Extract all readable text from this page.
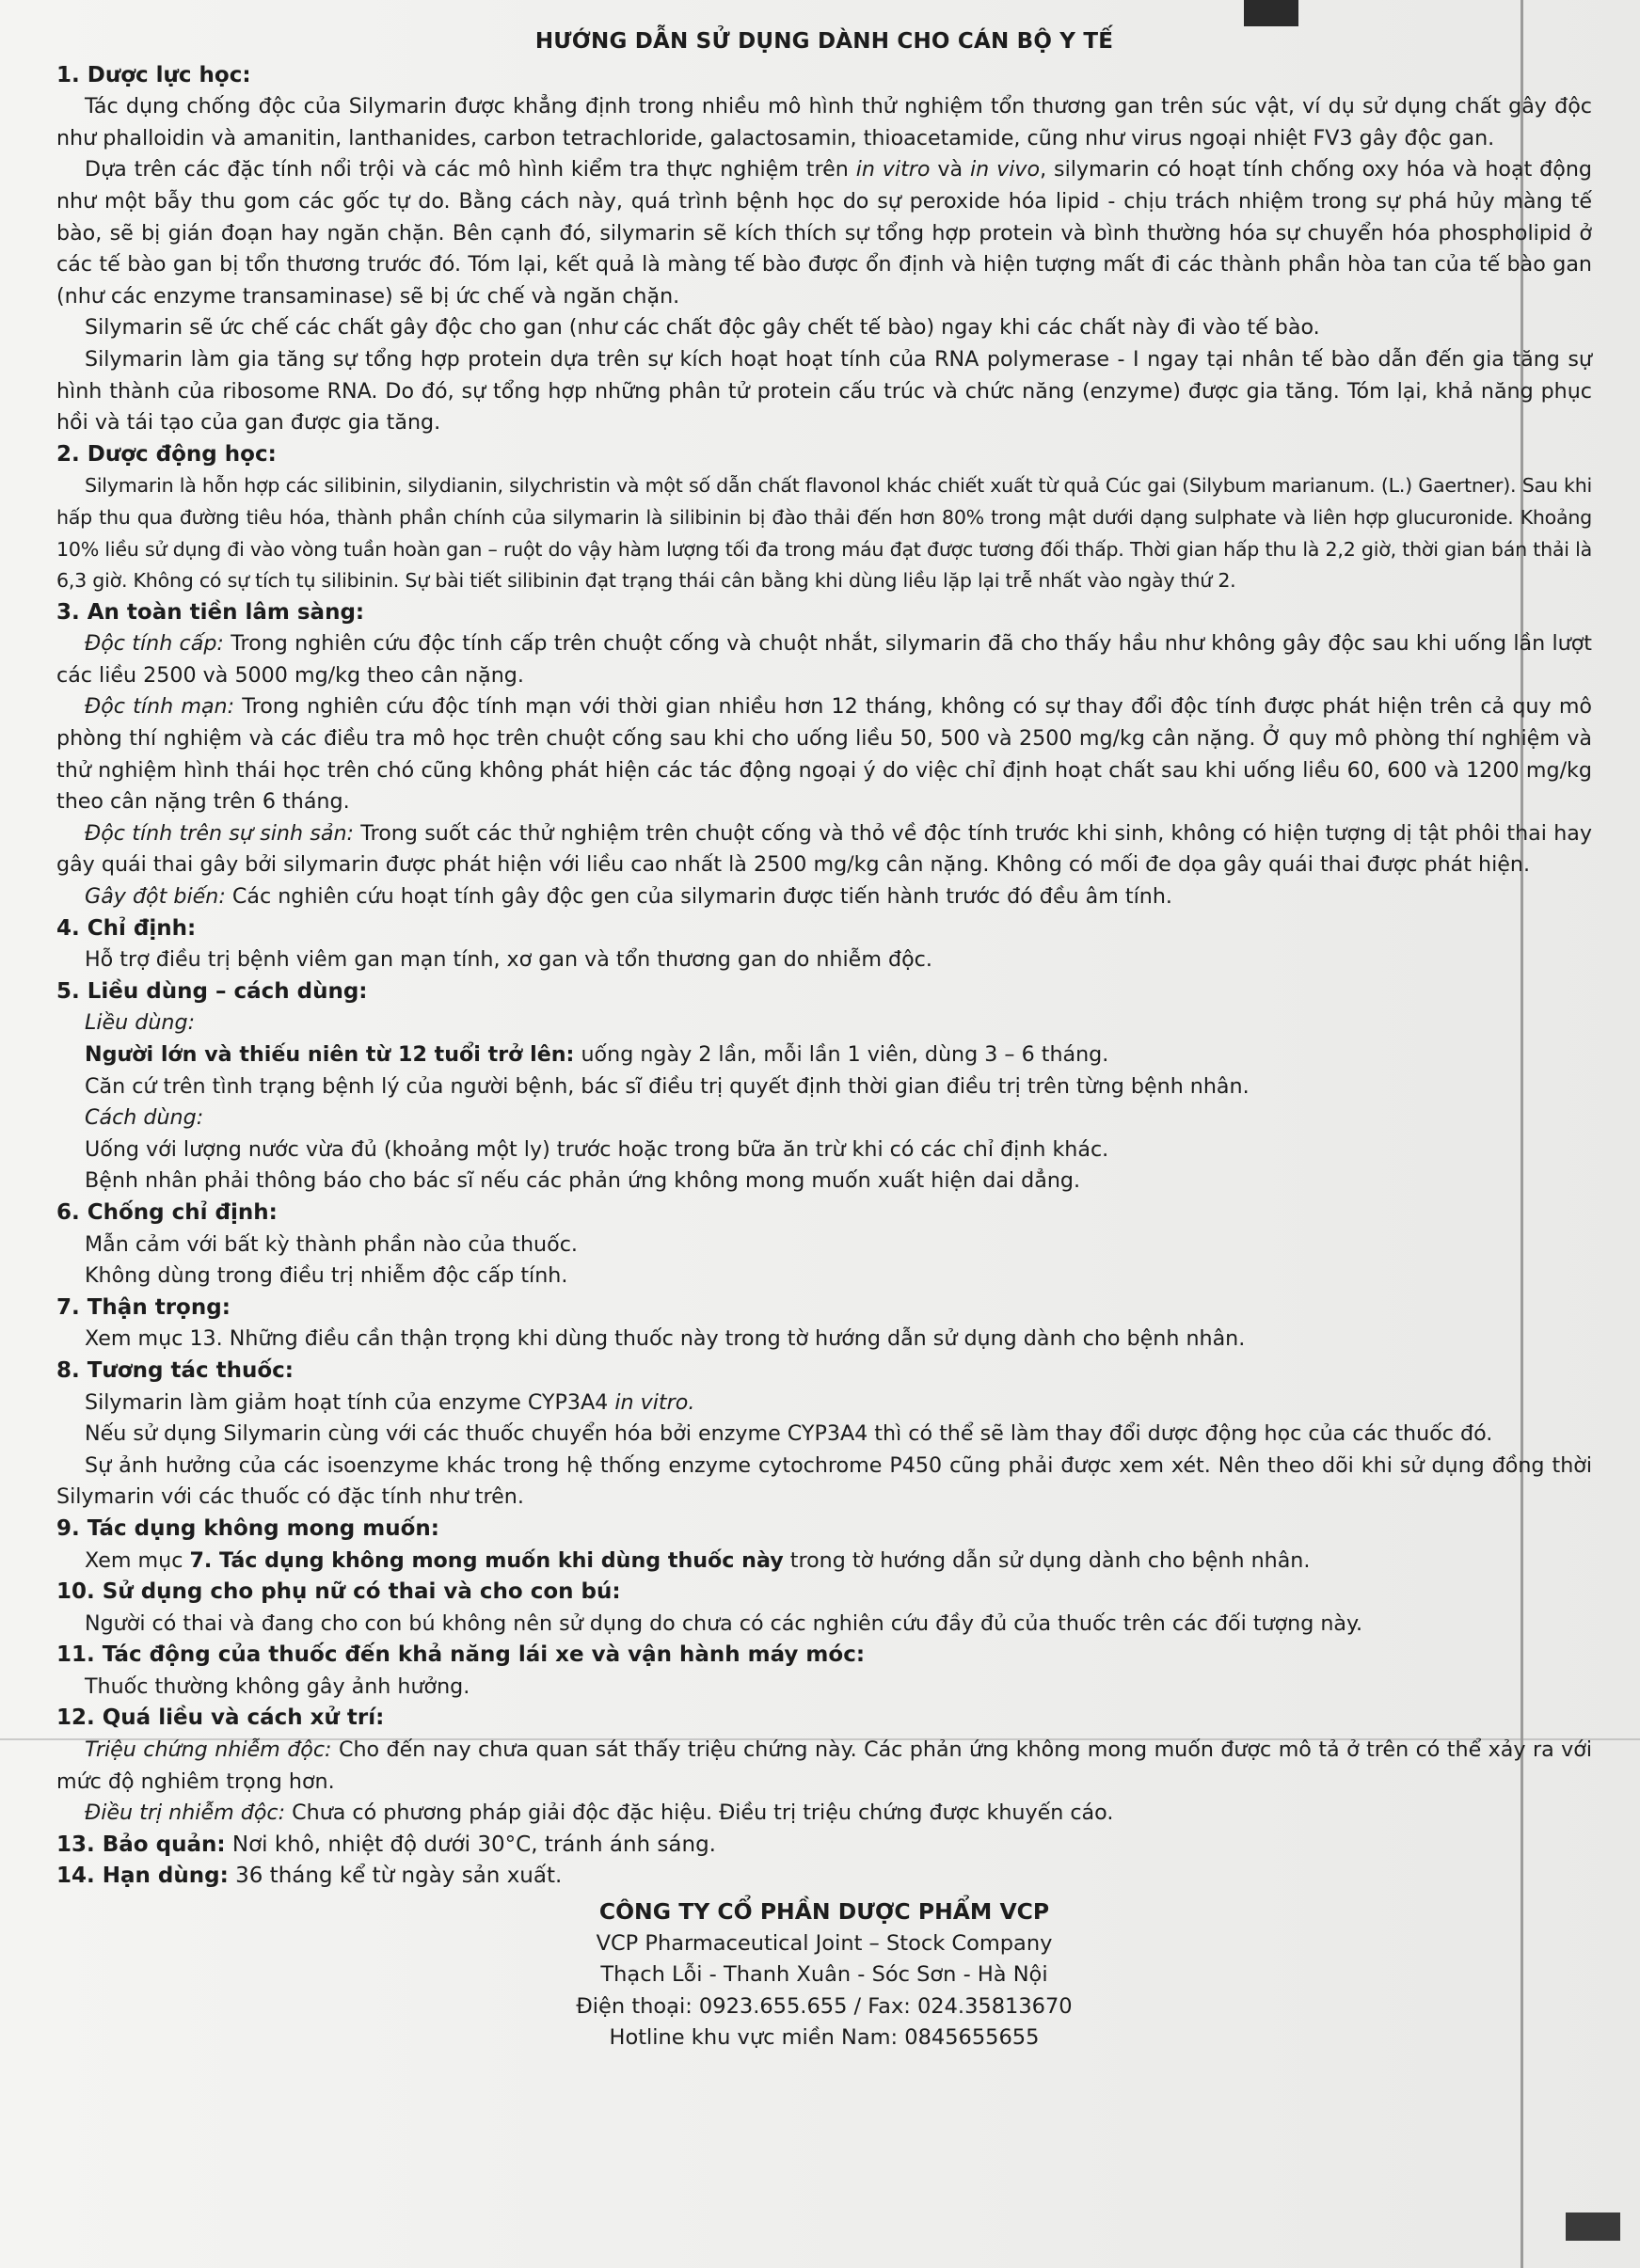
HƯỚNG DẪN SỬ DỤNG DÀNH CHO CÁN BỘ Y TẾ
1. Dược lực học:

Tác dụng chống độc của Silymarin được khẳng định trong nhiều mô hình thử nghiệm tổn thương gan trên súc vật, ví dụ sử dụng chất gây độc như phalloidin và amanitin, lanthanides, carbon tetrachloride, galactosamin, thioacetamide, cũng như virus ngoại nhiệt FV3 gây độc gan.

Dựa trên các đặc tính nổi trội và các mô hình kiểm tra thực nghiệm trên in vitro và in vivo, silymarin có hoạt tính chống oxy hóa và hoạt động như một bẫy thu gom các gốc tự do. Bằng cách này, quá trình bệnh học do sự peroxide hóa lipid - chịu trách nhiệm trong sự phá hủy màng tế bào, sẽ bị gián đoạn hay ngăn chặn. Bên cạnh đó, silymarin sẽ kích thích sự tổng hợp protein và bình thường hóa sự chuyển hóa phospholipid ở các tế bào gan bị tổn thương trước đó. Tóm lại, kết quả là màng tế bào được ổn định và hiện tượng mất đi các thành phần hòa tan của tế bào gan (như các enzyme transaminase) sẽ bị ức chế và ngăn chặn.

Silymarin sẽ ức chế các chất gây độc cho gan (như các chất độc gây chết tế bào) ngay khi các chất này đi vào tế bào.

Silymarin làm gia tăng sự tổng hợp protein dựa trên sự kích hoạt hoạt tính của RNA polymerase - I ngay tại nhân tế bào dẫn đến gia tăng sự hình thành của ribosome RNA. Do đó, sự tổng hợp những phân tử protein cấu trúc và chức năng (enzyme) được gia tăng. Tóm lại, khả năng phục hồi và tái tạo của gan được gia tăng.

2. Dược động học:

Silymarin là hỗn hợp các silibinin, silydianin, silychristin và một số dẫn chất flavonol khác chiết xuất từ quả Cúc gai (Silybum marianum. (L.) Gaertner). Sau khi hấp thu qua đường tiêu hóa, thành phần chính của silymarin là silibinin bị đào thải đến hơn 80% trong mật dưới dạng sulphate và liên hợp glucuronide. Khoảng 10% liều sử dụng đi vào vòng tuần hoàn gan – ruột do vậy hàm lượng tối đa trong máu đạt được tương đối thấp. Thời gian hấp thu là 2,2 giờ, thời gian bán thải là 6,3 giờ. Không có sự tích tụ silibinin. Sự bài tiết silibinin đạt trạng thái cân bằng khi dùng liều lặp lại trễ nhất vào ngày thứ 2.

3. An toàn tiền lâm sàng:

Độc tính cấp: Trong nghiên cứu độc tính cấp trên chuột cống và chuột nhắt, silymarin đã cho thấy hầu như không gây độc sau khi uống lần lượt các liều 2500 và 5000 mg/kg theo cân nặng.

Độc tính mạn: Trong nghiên cứu độc tính mạn với thời gian nhiều hơn 12 tháng, không có sự thay đổi độc tính được phát hiện trên cả quy mô phòng thí nghiệm và các điều tra mô học trên chuột cống sau khi cho uống liều 50, 500 và 2500 mg/kg cân nặng. Ở quy mô phòng thí nghiệm và thử nghiệm hình thái học trên chó cũng không phát hiện các tác động ngoại ý do việc chỉ định hoạt chất sau khi uống liều 60, 600 và 1200 mg/kg theo cân nặng trên 6 tháng.

Độc tính trên sự sinh sản: Trong suốt các thử nghiệm trên chuột cống và thỏ về độc tính trước khi sinh, không có hiện tượng dị tật phôi thai hay gây quái thai gây bởi silymarin được phát hiện với liều cao nhất là 2500 mg/kg cân nặng. Không có mối đe dọa gây quái thai được phát hiện.

Gây đột biến: Các nghiên cứu hoạt tính gây độc gen của silymarin được tiến hành trước đó đều âm tính.

4. Chỉ định:

Hỗ trợ điều trị bệnh viêm gan mạn tính, xơ gan và tổn thương gan do nhiễm độc.

5. Liều dùng – cách dùng:

Liều dùng:

Người lớn và thiếu niên từ 12 tuổi trở lên: uống ngày 2 lần, mỗi lần 1 viên, dùng 3 – 6 tháng.

Căn cứ trên tình trạng bệnh lý của người bệnh, bác sĩ điều trị quyết định thời gian điều trị trên từng bệnh nhân.

Cách dùng:

Uống với lượng nước vừa đủ (khoảng một ly) trước hoặc trong bữa ăn trừ khi có các chỉ định khác.

Bệnh nhân phải thông báo cho bác sĩ nếu các phản ứng không mong muốn xuất hiện dai dẳng.

6. Chống chỉ định:

Mẫn cảm với bất kỳ thành phần nào của thuốc.

Không dùng trong điều trị nhiễm độc cấp tính.

7. Thận trọng:

Xem mục 13. Những điều cần thận trọng khi dùng thuốc này trong tờ hướng dẫn sử dụng dành cho bệnh nhân.

8. Tương tác thuốc:

Silymarin làm giảm hoạt tính của enzyme CYP3A4 in vitro.

Nếu sử dụng Silymarin cùng với các thuốc chuyển hóa bởi enzyme CYP3A4 thì có thể sẽ làm thay đổi dược động học của các thuốc đó.

Sự ảnh hưởng của các isoenzyme khác trong hệ thống enzyme cytochrome P450 cũng phải được xem xét. Nên theo dõi khi sử dụng đồng thời Silymarin với các thuốc có đặc tính như trên.

9. Tác dụng không mong muốn:

Xem mục 7. Tác dụng không mong muốn khi dùng thuốc này trong tờ hướng dẫn sử dụng dành cho bệnh nhân.

10. Sử dụng cho phụ nữ có thai và cho con bú:

Người có thai và đang cho con bú không nên sử dụng do chưa có các nghiên cứu đầy đủ của thuốc trên các đối tượng này.

11. Tác động của thuốc đến khả năng lái xe và vận hành máy móc:

Thuốc thường không gây ảnh hưởng.

12. Quá liều và cách xử trí:

Triệu chứng nhiễm độc: Cho đến nay chưa quan sát thấy triệu chứng này. Các phản ứng không mong muốn được mô tả ở trên có thể xảy ra với mức độ nghiêm trọng hơn.

Điều trị nhiễm độc: Chưa có phương pháp giải độc đặc hiệu. Điều trị triệu chứng được khuyến cáo.

13. Bảo quản: Nơi khô, nhiệt độ dưới 30°C, tránh ánh sáng.

14. Hạn dùng: 36 tháng kể từ ngày sản xuất.

CÔNG TY CỔ PHẦN DƯỢC PHẨM VCP
VCP Pharmaceutical Joint – Stock Company
Thạch Lỗi - Thanh Xuân - Sóc Sơn - Hà Nội
Điện thoại: 0923.655.655 / Fax: 024.35813670
Hotline khu vực miền Nam: 0845655655
